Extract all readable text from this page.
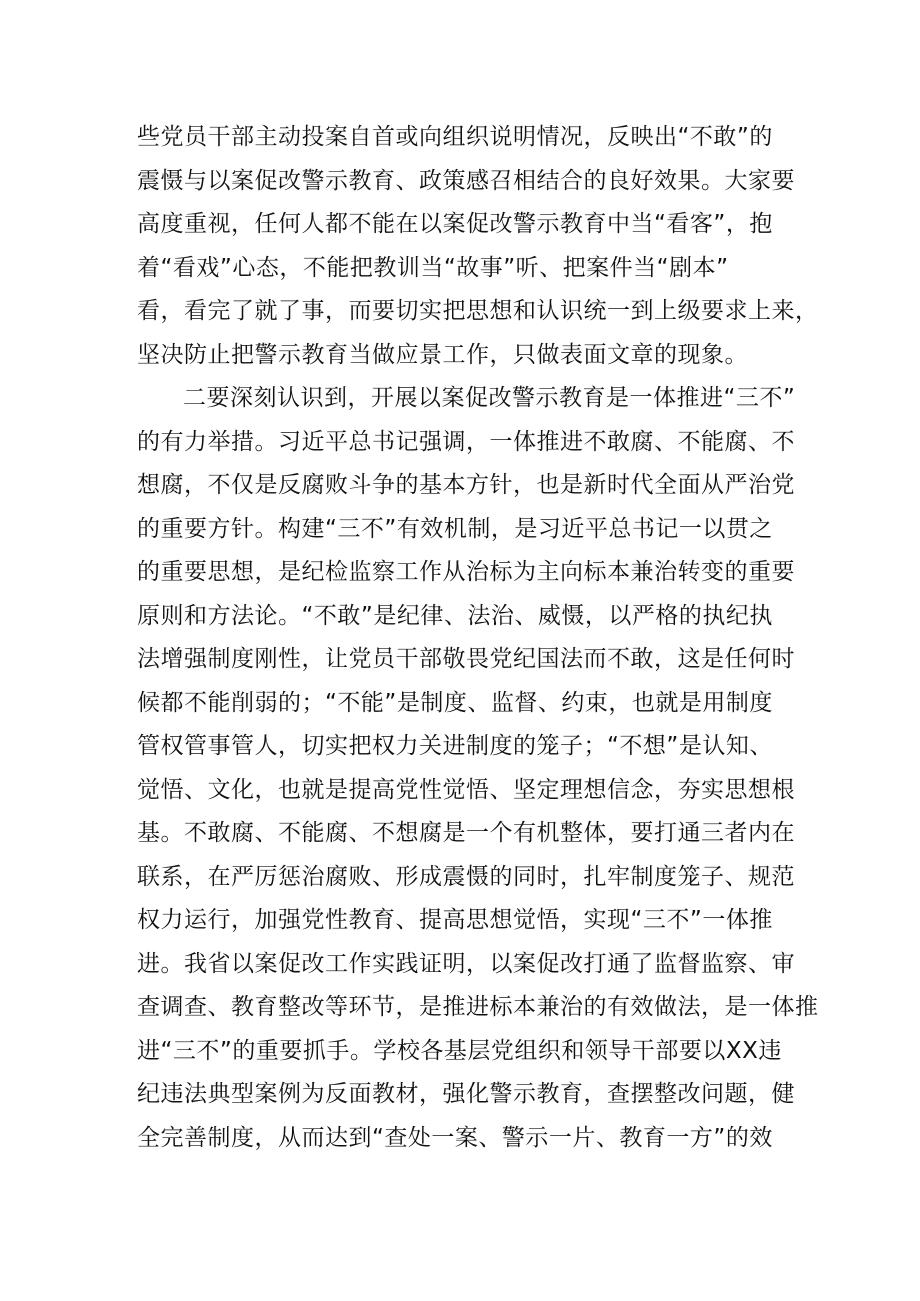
些党员干部主动投案自首或向组织说明情况，反映出“不敢”的
震慑与以案促改警示教育、政策感召相结合的良好效果。大家要
高度重视，任何人都不能在以案促改警示教育中当“看客”，抱
着“看戏”心态，不能把教训当“故事”听、把案件当“剧本”
看，看完了就了事，而要切实把思想和认识统一到上级要求上来，
坚决防止把警示教育当做应景工作，只做表面文章的现象。
二要深刻认识到，开展以案促改警示教育是一体推进“三不”
的有力举措。习近平总书记强调，一体推进不敢腐、不能腐、不
想腐，不仅是反腐败斗争的基本方针，也是新时代全面从严治党
的重要方针。构建“三不”有效机制，是习近平总书记一以贯之
的重要思想，是纪检监察工作从治标为主向标本兼治转变的重要
原则和方法论。“不敢”是纪律、法治、威慑，以严格的执纪执
法增强制度刚性，让党员干部敬畏党纪国法而不敢，这是任何时
候都不能削弱的；“不能”是制度、监督、约束，也就是用制度
管权管事管人，切实把权力关进制度的笼子；“不想”是认知、
觉悟、文化，也就是提高党性觉悟、坚定理想信念，夯实思想根
基。不敢腐、不能腐、不想腐是一个有机整体，要打通三者内在
联系，在严厉惩治腐败、形成震慑的同时，扎牢制度笼子、规范
权力运行，加强党性教育、提高思想觉悟，实现“三不”一体推
进。我省以案促改工作实践证明，以案促改打通了监督监察、审
查调查、教育整改等环节，是推进标本兼治的有效做法，是一体推
进“三不”的重要抓手。学校各基层党组织和领导干部要以XX违
纪违法典型案例为反面教材，强化警示教育，查摆整改问题，健
全完善制度，从而达到“查处一案、警示一片、教育一方”的效
